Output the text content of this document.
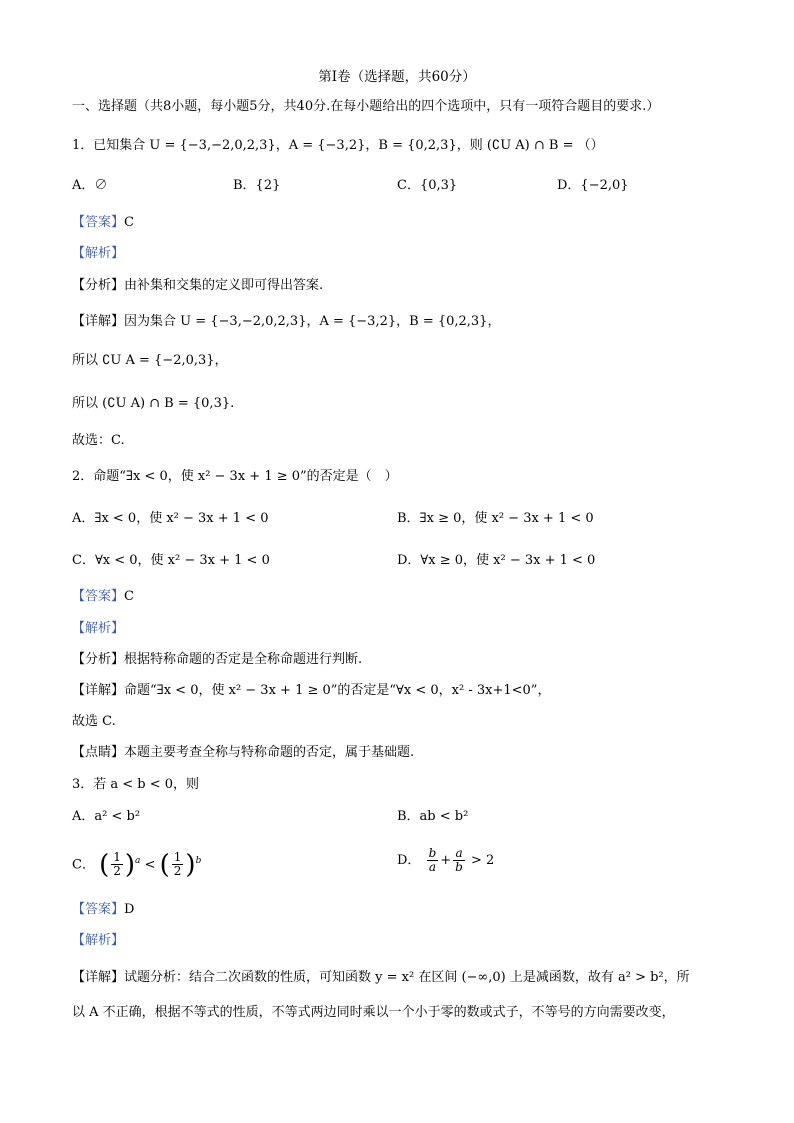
第Ⅰ卷（选择题，共60分）
一、选择题（共8小题，每小题5分，共40分.在每小题给出的四个选项中，只有一项符合题目的要求.）
1．已知集合 U = {−3,−2,0,2,3}，A = {−3,2}，B = {0,2,3}，则 (∁U A) ∩ B = （）
A．∅	B．{2}	C．{0,3}	D．{−2,0}
【答案】C
【解析】
【分析】由补集和交集的定义即可得出答案.
【详解】因为集合 U = {−3,−2,0,2,3}，A = {−3,2}，B = {0,2,3}，
所以 ∁U A = {−2,0,3}，
所以 (∁U A) ∩ B = {0,3}.
故选：C.
2．命题“∃x < 0，使 x² − 3x + 1 ≥ 0”的否定是（　）
A．∃x < 0，使 x² − 3x + 1 < 0	B．∃x ≥ 0，使 x² − 3x + 1 < 0
C．∀x < 0，使 x² − 3x + 1 < 0	D．∀x ≥ 0，使 x² − 3x + 1 < 0
【答案】C
【解析】
【分析】根据特称命题的否定是全称命题进行判断.
【详解】命题“∃x < 0，使 x² − 3x + 1 ≥ 0”的否定是“∀x < 0，x² - 3x+1<0”，
故选 C.
【点睛】本题主要考查全称与特称命题的否定，属于基础题.
3．若 a < b < 0，则
A．a² < b²	B．ab < b²
C． ( $\frac{1}{2} )^a$ < ( $\frac{1}{2} )^b$	D． $\frac{b}{a} + \frac{a}{b} > 2$
【答案】D
【解析】
【详解】试题分析：结合二次函数的性质，可知函数 y = x² 在区间 (−∞,0) 上是减函数，故有 a² > b²，所
以 A 不正确，根据不等式的性质，不等式两边同时乘以一个小于零的数或式子，不等号的方向需要改变，
